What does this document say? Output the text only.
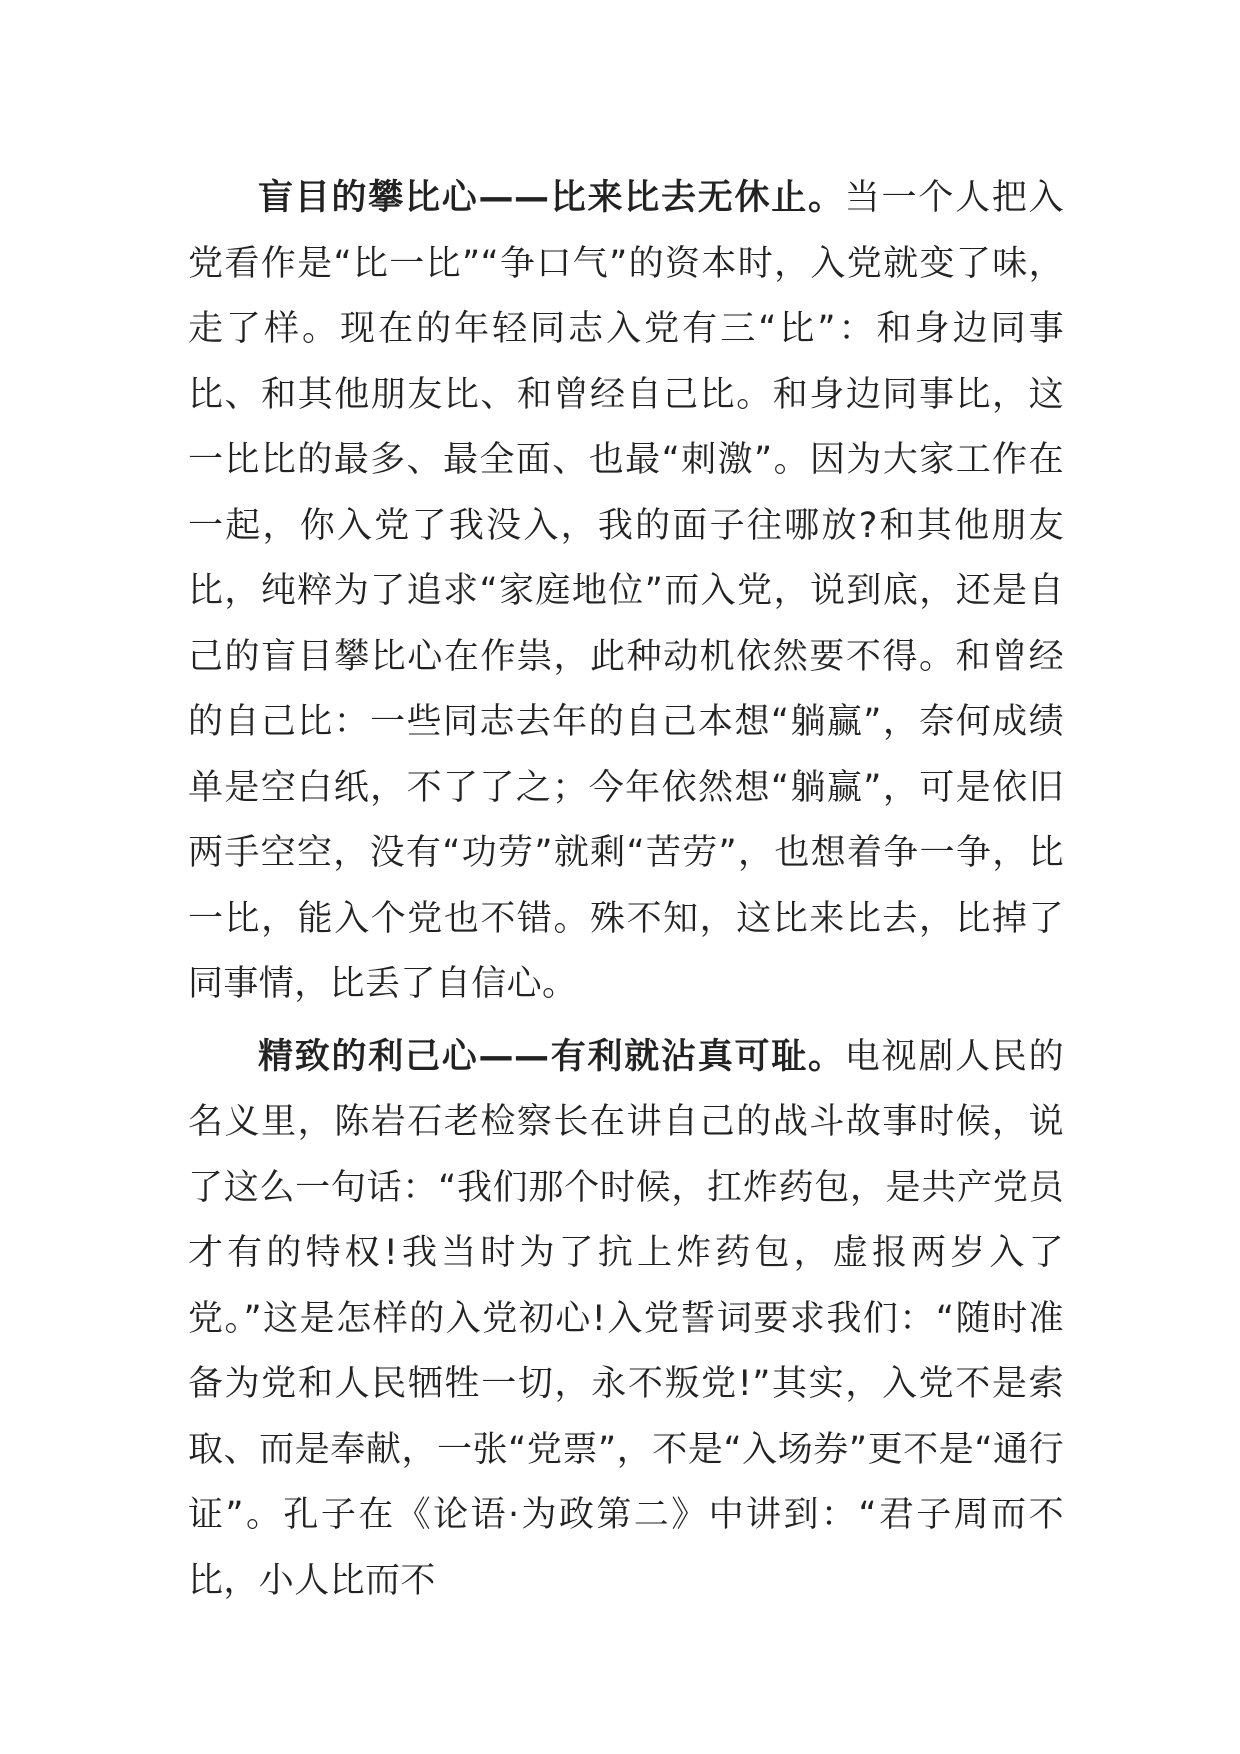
盲目的攀比心——比来比去无休止。当一个人把入党看作是“比一比”“争口气”的资本时，入党就变了味，走了样。现在的年轻同志入党有三“比”：和身边同事比、和其他朋友比、和曾经自己比。和身边同事比，这一比比的最多、最全面、也最“刺激”。因为大家工作在一起，你入党了我没入，我的面子往哪放?和其他朋友比，纯粹为了追求“家庭地位”而入党，说到底，还是自己的盲目攀比心在作祟，此种动机依然要不得。和曾经的自己比：一些同志去年的自己本想“躺赢”，奈何成绩单是空白纸，不了了之；今年依然想“躺赢”，可是依旧两手空空，没有“功劳”就剩“苦劳”，也想着争一争，比一比，能入个党也不错。殊不知，这比来比去，比掉了同事情，比丢了自信心。

精致的利己心——有利就沾真可耻。电视剧人民的名义里，陈岩石老检察长在讲自己的战斗故事时候，说了这么一句话：“我们那个时候，扛炸药包，是共产党员才有的特权!我当时为了抗上炸药包，虚报两岁入了党。”这是怎样的入党初心!入党誓词要求我们：“随时准备为党和人民牺牲一切，永不叛党!”其实，入党不是索取、而是奉献，一张“党票”，不是“入场券”更不是“通行证”。孔子在《论语·为政第二》中讲到：“君子周而不比，小人比而不
